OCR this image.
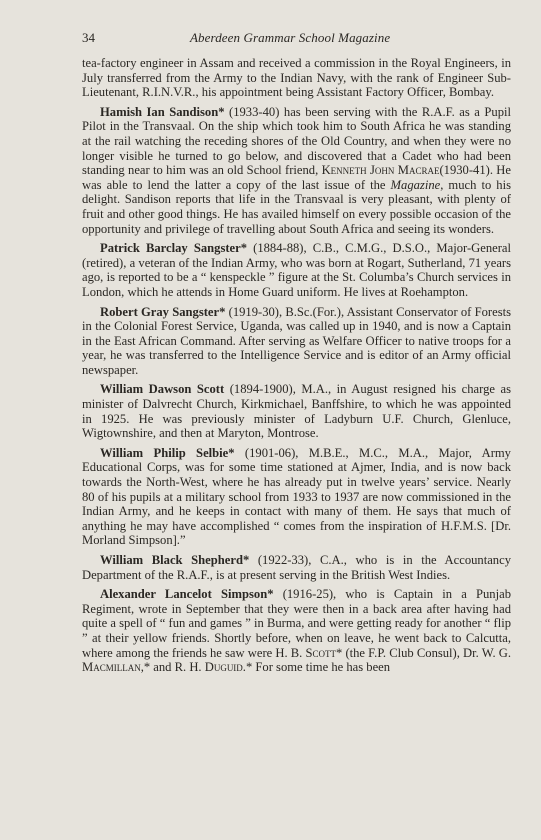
34	Aberdeen Grammar School Magazine

tea-factory engineer in Assam and received a commission in the Royal Engineers, in July transferred from the Army to the Indian Navy, with the rank of Engineer Sub-Lieutenant, R.I.N.V.R., his appointment being Assistant Factory Officer, Bombay.

Hamish Ian Sandison* (1933-40) has been serving with the R.A.F. as a Pupil Pilot in the Transvaal. On the ship which took him to South Africa he was standing at the rail watching the receding shores of the Old Country, and when they were no longer visible he turned to go below, and discovered that a Cadet who had been standing near to him was an old School friend, Kenneth John Macrae(1930-41). He was able to lend the latter a copy of the last issue of the Magazine, much to his delight. Sandison reports that life in the Transvaal is very pleasant, with plenty of fruit and other good things. He has availed himself on every possible occasion of the opportunity and privilege of travelling about South Africa and seeing its wonders.

Patrick Barclay Sangster* (1884-88), C.B., C.M.G., D.S.O., Major-General (retired), a veteran of the Indian Army, who was born at Rogart, Sutherland, 71 years ago, is reported to be a “ kenspeckle ” figure at the St. Columba’s Church services in London, which he attends in Home Guard uniform. He lives at Roehampton.

Robert Gray Sangster* (1919-30), B.Sc.(For.), Assistant Conservator of Forests in the Colonial Forest Service, Uganda, was called up in 1940, and is now a Captain in the East African Command. After serving as Welfare Officer to native troops for a year, he was transferred to the Intelligence Service and is editor of an Army official newspaper.

William Dawson Scott (1894-1900), M.A., in August resigned his charge as minister of Dalvrecht Church, Kirkmichael, Banffshire, to which he was appointed in 1925. He was previously minister of Ladyburn U.F. Church, Glenluce, Wigtownshire, and then at Maryton, Montrose.

William Philip Selbie* (1901-06), M.B.E., M.C., M.A., Major, Army Educational Corps, was for some time stationed at Ajmer, India, and is now back towards the North-West, where he has already put in twelve years’ service. Nearly 80 of his pupils at a military school from 1933 to 1937 are now commissioned in the Indian Army, and he keeps in contact with many of them. He says that much of anything he may have accomplished “ comes from the inspiration of H.F.M.S. [Dr. Morland Simpson].”

William Black Shepherd* (1922-33), C.A., who is in the Accountancy Department of the R.A.F., is at present serving in the British West Indies.

Alexander Lancelot Simpson* (1916-25), who is Captain in a Punjab Regiment, wrote in September that they were then in a back area after having had quite a spell of “ fun and games ” in Burma, and were getting ready for another “ flip ” at their yellow friends. Shortly before, when on leave, he went back to Calcutta, where among the friends he saw were H. B. Scott* (the F.P. Club Consul), Dr. W. G. Macmillan,* and R. H. Duguid.* For some time he has been
